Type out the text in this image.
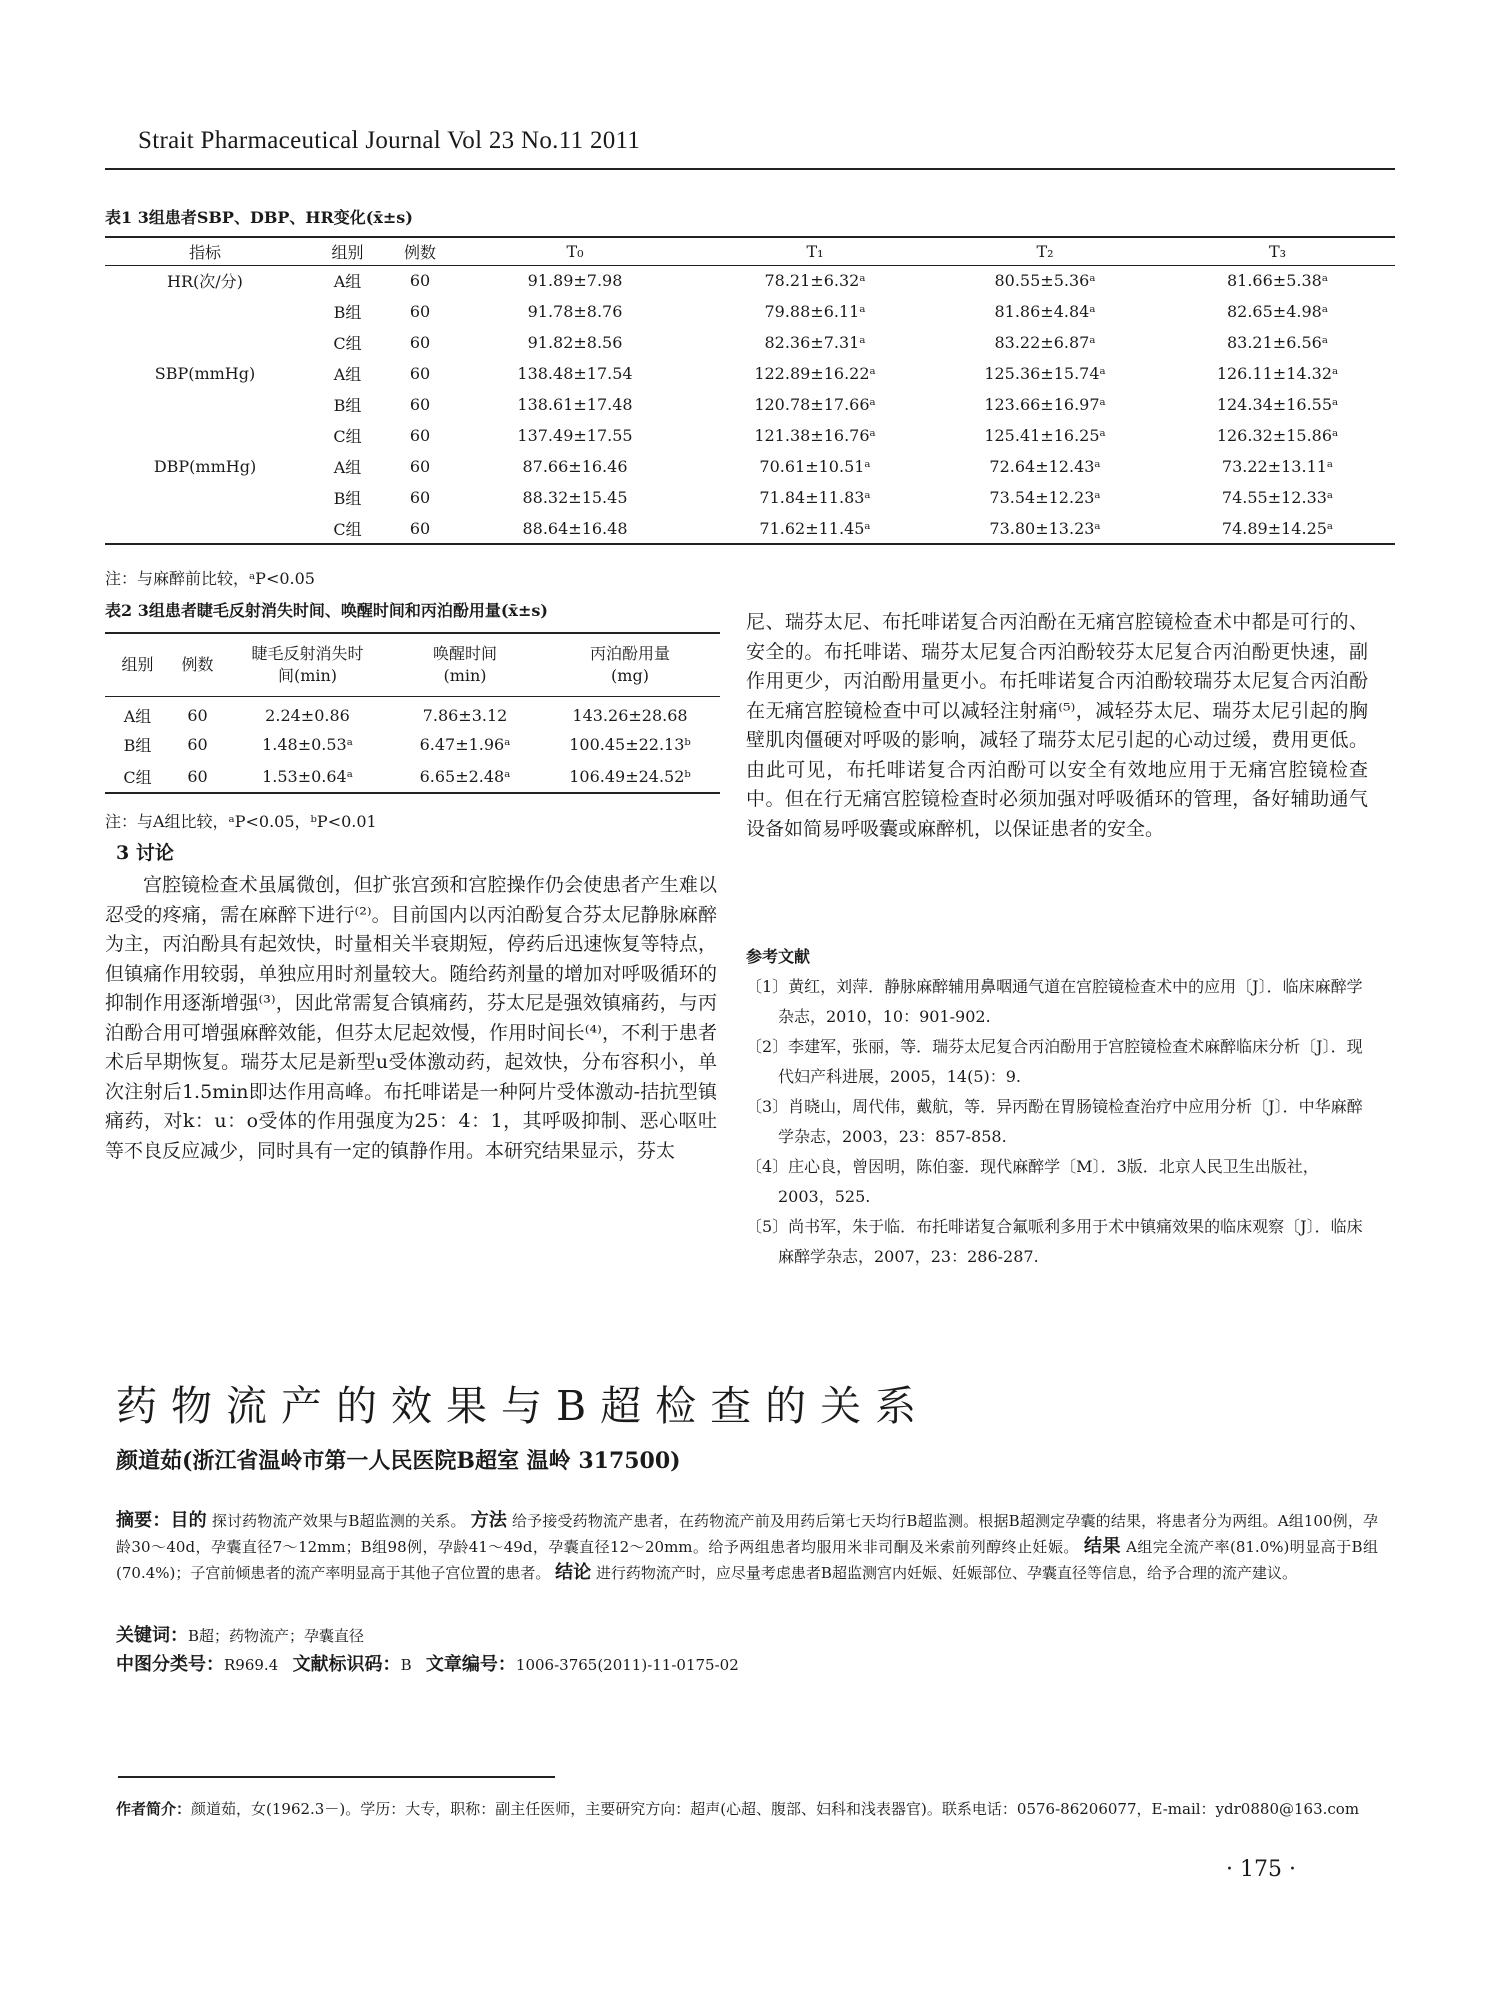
Strait Pharmaceutical Journal Vol 23 No.11 2011
表1 3组患者SBP、DBP、HR变化(x̄±s)
指标	组别	例数	T₀	T₁	T₂	T₃
HR(次/分)	A组	60	91.89±7.98	78.21±6.32ᵃ	80.55±5.36ᵃ	81.66±5.38ᵃ
	B组	60	91.78±8.76	79.88±6.11ᵃ	81.86±4.84ᵃ	82.65±4.98ᵃ
	C组	60	91.82±8.56	82.36±7.31ᵃ	83.22±6.87ᵃ	83.21±6.56ᵃ
SBP(mmHg)	A组	60	138.48±17.54	122.89±16.22ᵃ	125.36±15.74ᵃ	126.11±14.32ᵃ
	B组	60	138.61±17.48	120.78±17.66ᵃ	123.66±16.97ᵃ	124.34±16.55ᵃ
	C组	60	137.49±17.55	121.38±16.76ᵃ	125.41±16.25ᵃ	126.32±15.86ᵃ
DBP(mmHg)	A组	60	87.66±16.46	70.61±10.51ᵃ	72.64±12.43ᵃ	73.22±13.11ᵃ
	B组	60	88.32±15.45	71.84±11.83ᵃ	73.54±12.23ᵃ	74.55±12.33ᵃ
	C组	60	88.64±16.48	71.62±11.45ᵃ	73.80±13.23ᵃ	74.89±14.25ᵃ
注：与麻醉前比较，ᵃP<0.05
表2 3组患者睫毛反射消失时间、唤醒时间和丙泊酚用量(x̄±s)
组别	例数	睫毛反射消失时间(min)	唤醒时间(min)	丙泊酚用量(mg)
A组	60	2.24±0.86	7.86±3.12	143.26±28.68
B组	60	1.48±0.53ᵃ	6.47±1.96ᵃ	100.45±22.13ᵇ
C组	60	1.53±0.64ᵃ	6.65±2.48ᵃ	106.49±24.52ᵇ
注：与A组比较，ᵃP<0.05，ᵇP<0.01
3 讨论
宫腔镜检查术虽属微创，但扩张宫颈和宫腔操作仍会使患者产生难以忍受的疼痛，需在麻醉下进行⁽²⁾。目前国内以丙泊酚复合芬太尼静脉麻醉为主，丙泊酚具有起效快，时量相关半衰期短，停药后迅速恢复等特点，但镇痛作用较弱，单独应用时剂量较大。随给药剂量的增加对呼吸循环的抑制作用逐渐增强⁽³⁾，因此常需复合镇痛药，芬太尼是强效镇痛药，与丙泊酚合用可增强麻醉效能，但芬太尼起效慢，作用时间长⁽⁴⁾，不利于患者术后早期恢复。瑞芬太尼是新型u受体激动药，起效快，分布容积小，单次注射后1.5min即达作用高峰。布托啡诺是一种阿片受体激动-拮抗型镇痛药，对k：u：o受体的作用强度为25：4：1，其呼吸抑制、恶心呕吐等不良反应减少，同时具有一定的镇静作用。本研究结果显示，芬太
尼、瑞芬太尼、布托啡诺复合丙泊酚在无痛宫腔镜检查术中都是可行的、安全的。布托啡诺、瑞芬太尼复合丙泊酚较芬太尼复合丙泊酚更快速，副作用更少，丙泊酚用量更小。布托啡诺复合丙泊酚较瑞芬太尼复合丙泊酚在无痛宫腔镜检查中可以减轻注射痛⁽⁵⁾，减轻芬太尼、瑞芬太尼引起的胸壁肌肉僵硬对呼吸的影响，减轻了瑞芬太尼引起的心动过缓，费用更低。由此可见，布托啡诺复合丙泊酚可以安全有效地应用于无痛宫腔镜检查中。但在行无痛宫腔镜检查时必须加强对呼吸循环的管理，备好辅助通气设备如简易呼吸囊或麻醉机，以保证患者的安全。
参考文献
〔1〕黄红，刘萍．静脉麻醉辅用鼻咽通气道在宫腔镜检查术中的应用〔J〕．临床麻醉学杂志，2010，10：901-902.
〔2〕李建军，张丽，等．瑞芬太尼复合丙泊酚用于宫腔镜检查术麻醉临床分析〔J〕．现代妇产科进展，2005，14(5)：9.
〔3〕肖晓山，周代伟，戴航，等．异丙酚在胃肠镜检查治疗中应用分析〔J〕．中华麻醉学杂志，2003，23：857-858.
〔4〕庄心良，曾因明，陈伯銮．现代麻醉学〔M〕．3版．北京人民卫生出版社，2003，525.
〔5〕尚书军，朱于临．布托啡诺复合氟哌利多用于术中镇痛效果的临床观察〔J〕．临床麻醉学杂志，2007，23：286-287.
药物流产的效果与B超检查的关系
颜道茹(浙江省温岭市第一人民医院B超室 温岭 317500)
摘要：目的 探讨药物流产效果与B超监测的关系。 方法 给予接受药物流产患者，在药物流产前及用药后第七天均行B超监测。根据B超测定孕囊的结果，将患者分为两组。A组100例，孕龄30～40d，孕囊直径7～12mm；B组98例，孕龄41～49d，孕囊直径12～20mm。给予两组患者均服用米非司酮及米索前列醇终止妊娠。 结果 A组完全流产率(81.0%)明显高于B组(70.4%)；子宫前倾患者的流产率明显高于其他子宫位置的患者。 结论 进行药物流产时，应尽量考虑患者B超监测宫内妊娠、妊娠部位、孕囊直径等信息，给予合理的流产建议。
关键词：B超；药物流产；孕囊直径
中图分类号：R969.4 文献标识码：B 文章编号：1006-3765(2011)-11-0175-02
作者简介：颜道茹，女(1962.3－)。学历：大专，职称：副主任医师，主要研究方向：超声(心超、腹部、妇科和浅表器官)。联系电话：0576-86206077，E-mail：ydr0880@163.com
· 175 ·
